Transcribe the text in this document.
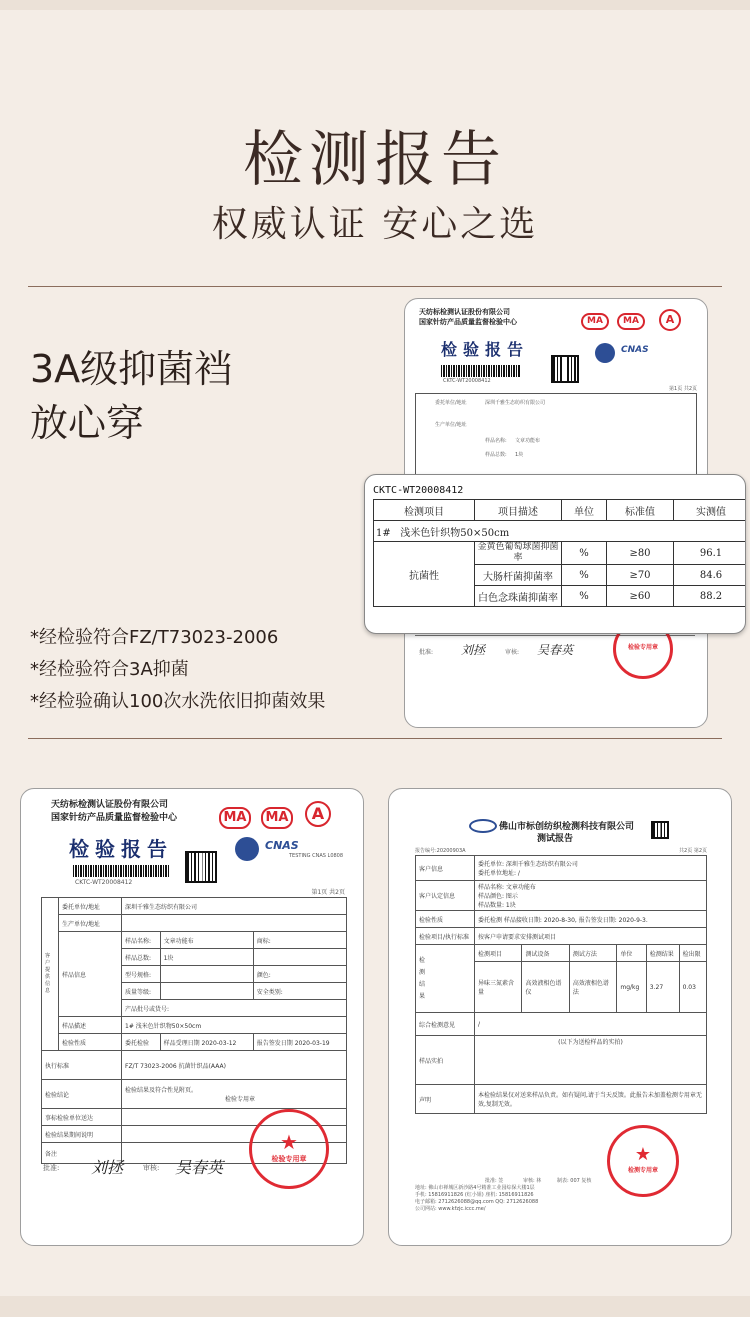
检测报告
权威认证 安心之选
3A级抑菌裆
放心穿
*经检验符合FZ/T73023-2006
*经检验符合3A抑菌
*经检验确认100次水洗依旧抑菌效果
天纺标检测认证股份有限公司
国家针纺产品质量监督检验中心
检验报告
CKTC-WT20008412
MA	MA	A
CNAS
第1页 共2页
委托单位/地址	深圳千雅生态纺织有限公司
生产单位/地址
样品名称: 文章功能布
样品总数: 1块
批准: 刘拯	审核: 吴春英	检验专用章
CKTC-WT20008412
检测项目	项目描述	单位	标准值	实测值
1# 浅米色针织物50×50cm				
抗菌性	金黄色葡萄球菌抑菌率	%	≥80	96.1
	大肠杆菌抑菌率	%	≥70	84.6
	白色念珠菌抑菌率	%	≥60	88.2
天纺标检测认证股份有限公司
国家针纺产品质量监督检验中心
检验报告
CKTC-WT20008412
MA	MA	A
CNAS
TESTING CNAS L0808
第1页 共2页
客户提供信息	委托单位/地址	深圳千雅生态纺织有限公司		
	生产单位/地址			
	样品信息	样品名称:	文章功能布	商标:
		样品总数:	1块	
		型号规格:		颜色:
		质量等级:		安全类别:
		产品批号或货号:		
	样品描述	1# 浅米色针织物50×50cm		
	检验性质	委托检验	样品受理日期 2020-03-12	报告签发日期 2020-03-19
执行标准		FZ/T 73023-2006 抗菌针织品(AAA)		
检验结论		检验结果及符合性见附页。
检验专用章		
事标检验单位送达				
检验结果期间说明				
备注				
批准: 刘拯	审核: 吴春英
★
检验专用章
佛山市标创纺织检测科技有限公司
测试报告
报告编号:20200903A	共2页 第2页
客户信息	委托单位: 深圳千雅生态纺织有限公司
委托单位地址: /					

客户认定信息	样品名称: 文章功能布
样品颜色: 图示
样品数量: 1块					

检验性质	委托检测 样品接收日期: 2020-8-30, 报告签发日期: 2020-9-3.					
检验项目/执行标准	按客户申请要求安排测试项目					

检测结果	检测项目	测试设备	测试方法	单位	检测结果	检出限
	异味三氮素含量	高效液相色谱仪	高效液相色谱法	mg/kg	3.27	0.03
综合检测意见	/					
样品实拍	(以下为送检样品的实拍)					
声明	本检验结果仅对送来样品负责。如有疑问,请于当天反馈。此报告未加盖检测专用章无效,复制无效。					
批准: 签	审核: 林	制表: 007 复核
地址: 佛山市禅城区新沙路4号精准工业园综保大楼1层
手机: 15816911826 (红小姐) 座机: 15816911826
电子邮箱: 2712626088@qq.com QQ: 2712626088
公司网站: www.kfzjc.iccc.me/
★
检测专用章
